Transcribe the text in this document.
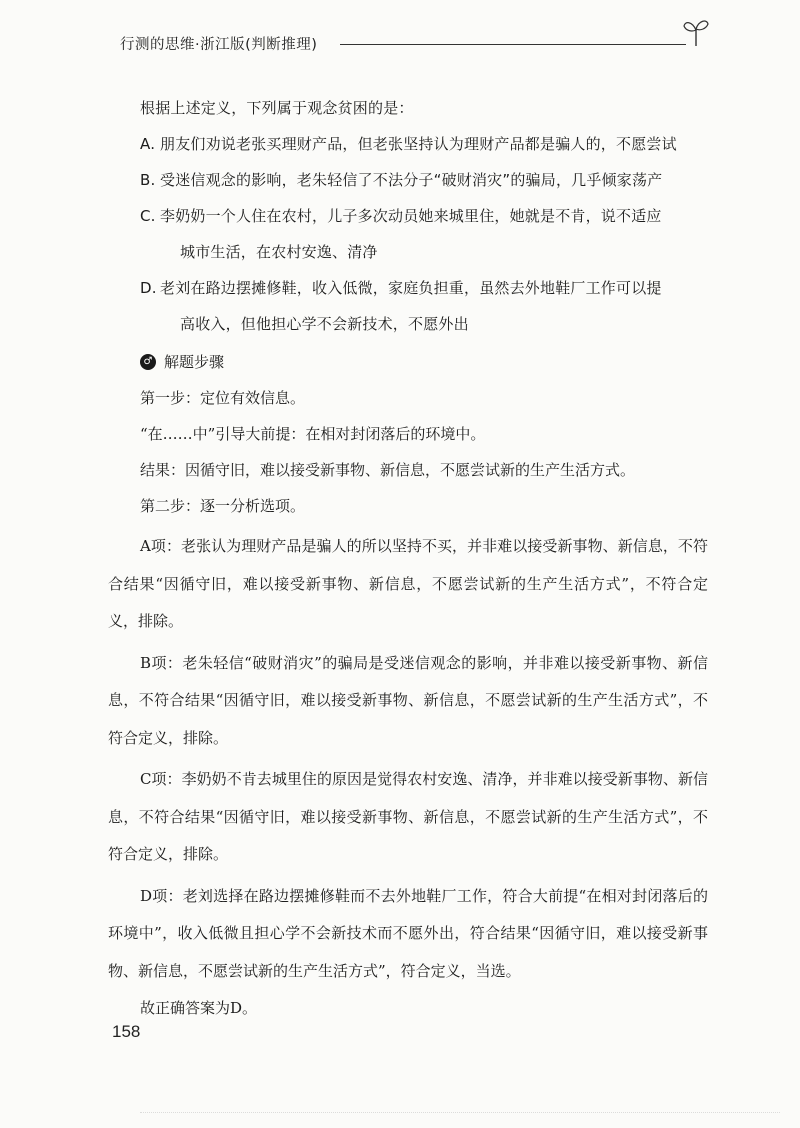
行测的思维·浙江版(判断推理)
根据上述定义，下列属于观念贫困的是：
A. 朋友们劝说老张买理财产品，但老张坚持认为理财产品都是骗人的，不愿尝试
B. 受迷信观念的影响，老朱轻信了不法分子“破财消灾”的骗局，几乎倾家荡产
C. 李奶奶一个人住在农村，儿子多次动员她来城里住，她就是不肯，说不适应
城市生活，在农村安逸、清净
D. 老刘在路边摆摊修鞋，收入低微，家庭负担重，虽然去外地鞋厂工作可以提
高收入，但他担心学不会新技术，不愿外出
♂ 解题步骤

第一步：定位有效信息。

“在……中”引导大前提：在相对封闭落后的环境中。

结果：因循守旧，难以接受新事物、新信息，不愿尝试新的生产生活方式。

第二步：逐一分析选项。

A项：老张认为理财产品是骗人的所以坚持不买，并非难以接受新事物、新信息，不符合结果“因循守旧，难以接受新事物、新信息，不愿尝试新的生产生活方式”，不符合定义，排除。

B项：老朱轻信“破财消灾”的骗局是受迷信观念的影响，并非难以接受新事物、新信息，不符合结果“因循守旧，难以接受新事物、新信息，不愿尝试新的生产生活方式”，不符合定义，排除。

C项：李奶奶不肯去城里住的原因是觉得农村安逸、清净，并非难以接受新事物、新信息，不符合结果“因循守旧，难以接受新事物、新信息，不愿尝试新的生产生活方式”，不符合定义，排除。

D项：老刘选择在路边摆摊修鞋而不去外地鞋厂工作，符合大前提“在相对封闭落后的环境中”，收入低微且担心学不会新技术而不愿外出，符合结果“因循守旧，难以接受新事物、新信息，不愿尝试新的生产生活方式”，符合定义，当选。

故正确答案为D。

158
